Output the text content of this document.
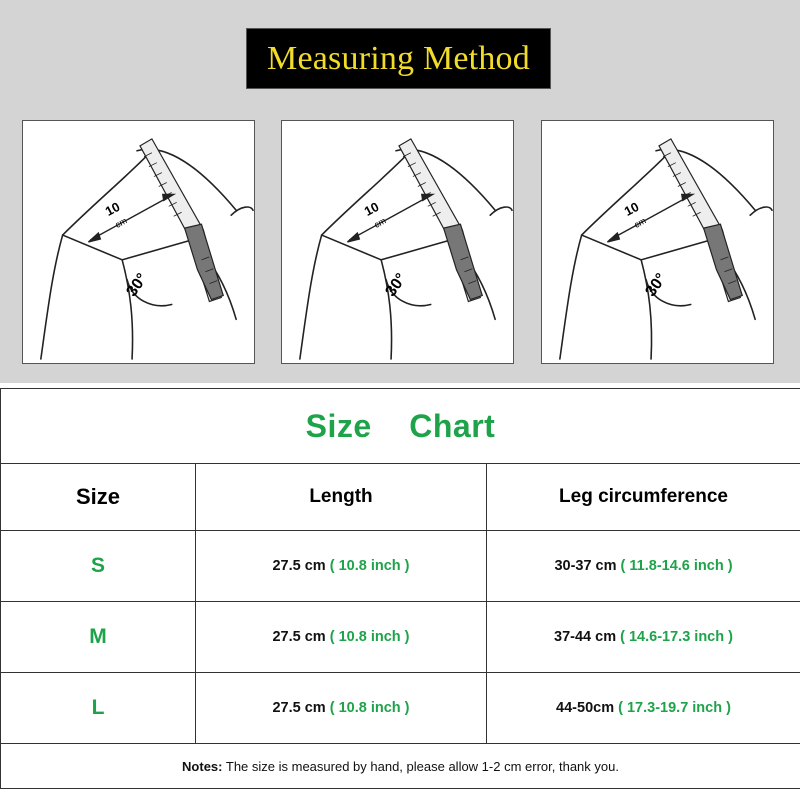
Measuring Method
10
cm
30°
10
cm
30°
10
cm
30°
Size    Chart		
Size	Length	Leg circumference
S	27.5 cm ( 10.8 inch )	30-37 cm ( 11.8-14.6 inch )
M	27.5 cm ( 10.8 inch )	37-44 cm ( 14.6-17.3 inch )
L	27.5 cm ( 10.8 inch )	44-50cm ( 17.3-19.7 inch )
Notes: The size is measured by hand, please allow 1-2 cm error, thank you.		
